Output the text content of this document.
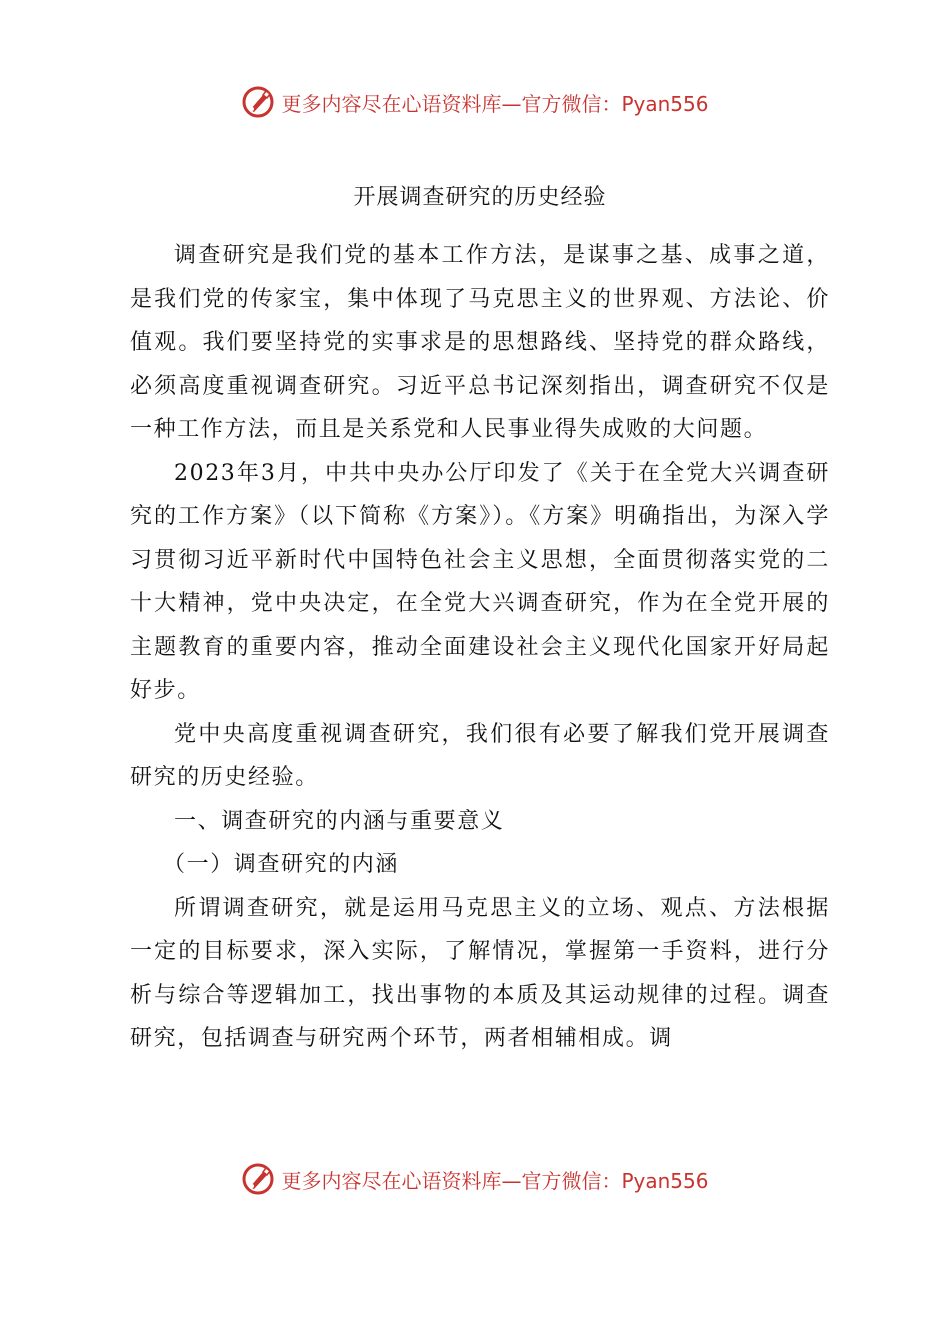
更多内容尽在心语资料库—官方微信：Pyan556
开展调查研究的历史经验

调查研究是我们党的基本工作方法，是谋事之基、成事之道，是我们党的传家宝，集中体现了马克思主义的世界观、方法论、价值观。我们要坚持党的实事求是的思想路线、坚持党的群众路线，必须高度重视调查研究。习近平总书记深刻指出，调查研究不仅是一种工作方法，而且是关系党和人民事业得失成败的大问题。

2023年3月，中共中央办公厅印发了《关于在全党大兴调查研究的工作方案》（以下简称《方案》）。《方案》明确指出，为深入学习贯彻习近平新时代中国特色社会主义思想，全面贯彻落实党的二十大精神，党中央决定，在全党大兴调查研究，作为在全党开展的主题教育的重要内容，推动全面建设社会主义现代化国家开好局起好步。

党中央高度重视调查研究，我们很有必要了解我们党开展调查研究的历史经验。

一、调查研究的内涵与重要意义

（一）调查研究的内涵

所谓调查研究，就是运用马克思主义的立场、观点、方法根据一定的目标要求，深入实际，了解情况，掌握第一手资料，进行分析与综合等逻辑加工，找出事物的本质及其运动规律的过程。调查研究，包括调查与研究两个环节，两者相辅相成。调

更多内容尽在心语资料库—官方微信：Pyan556
